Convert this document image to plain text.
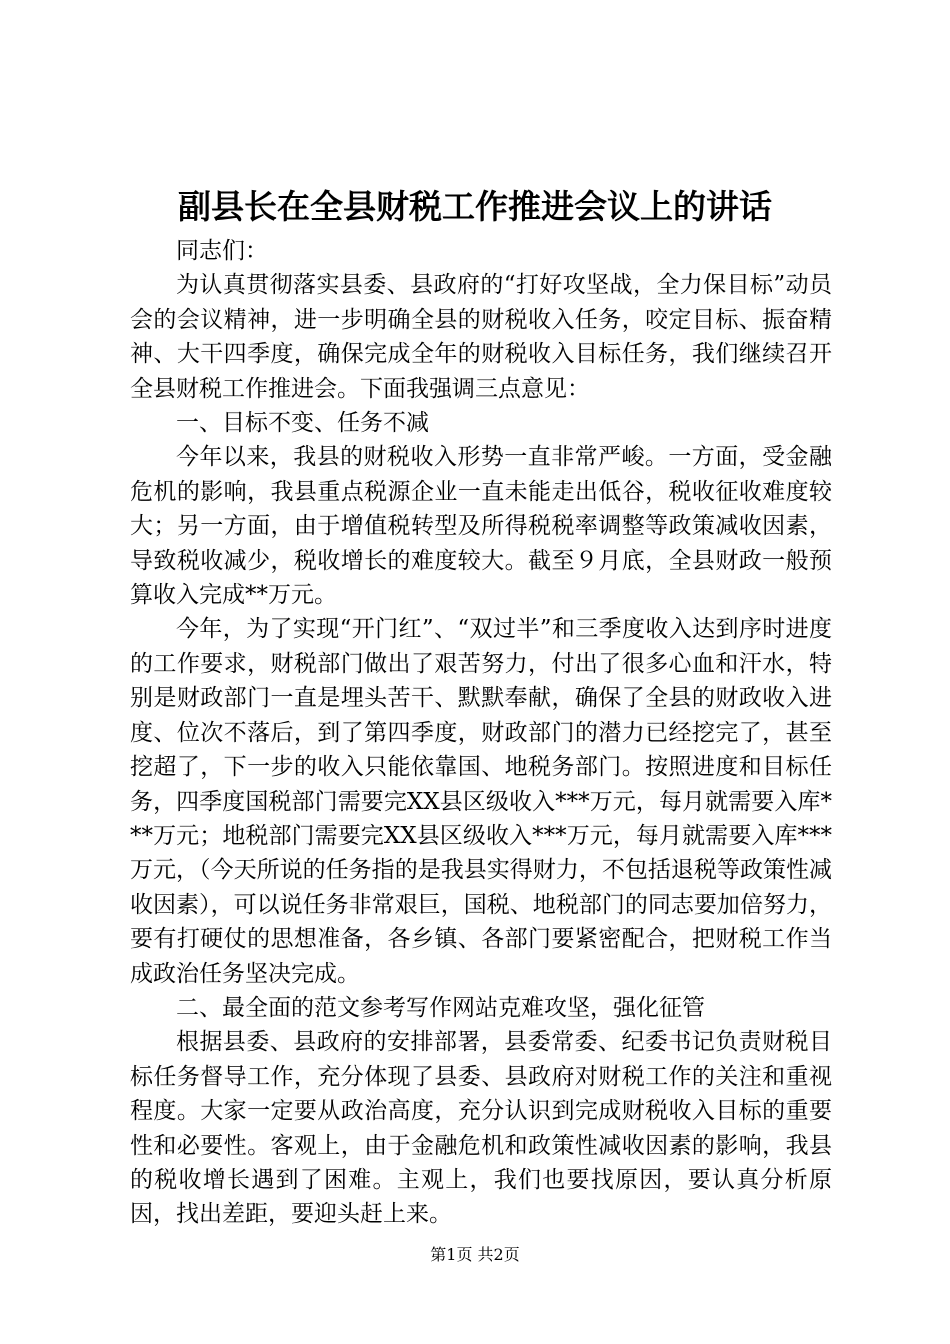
副县长在全县财税工作推进会议上的讲话

同志们：

为认真贯彻落实县委、县政府的“打好攻坚战，全力保目标”动员会的会议精神，进一步明确全县的财税收入任务，咬定目标、振奋精神、大干四季度，确保完成全年的财税收入目标任务，我们继续召开全县财税工作推进会。下面我强调三点意见：

一、目标不变、任务不减

今年以来，我县的财税收入形势一直非常严峻。一方面，受金融危机的影响，我县重点税源企业一直未能走出低谷，税收征收难度较大；另一方面，由于增值税转型及所得税税率调整等政策减收因素，导致税收减少，税收增长的难度较大。截至９月底，全县财政一般预算收入完成**万元。

今年，为了实现“开门红”、“双过半”和三季度收入达到序时进度的工作要求，财税部门做出了艰苦努力，付出了很多心血和汗水，特别是财政部门一直是埋头苦干、默默奉献，确保了全县的财政收入进度、位次不落后，到了第四季度，财政部门的潜力已经挖完了，甚至挖超了，下一步的收入只能依靠国、地税务部门。按照进度和目标任务，四季度国税部门需要完XX县区级收入***万元，每月就需要入库***万元；地税部门需要完XX县区级收入***万元，每月就需要入库***万元，（今天所说的任务指的是我县实得财力，不包括退税等政策性减收因素），可以说任务非常艰巨，国税、地税部门的同志要加倍努力，要有打硬仗的思想准备，各乡镇、各部门要紧密配合，把财税工作当成政治任务坚决完成。

二、最全面的范文参考写作网站克难攻坚，强化征管

根据县委、县政府的安排部署，县委常委、纪委书记负责财税目标任务督导工作，充分体现了县委、县政府对财税工作的关注和重视程度。大家一定要从政治高度，充分认识到完成财税收入目标的重要性和必要性。客观上，由于金融危机和政策性减收因素的影响，我县的税收增长遇到了困难。主观上，我们也要找原因，要认真分析原因，找出差距，要迎头赶上来。

第1页 共2页
